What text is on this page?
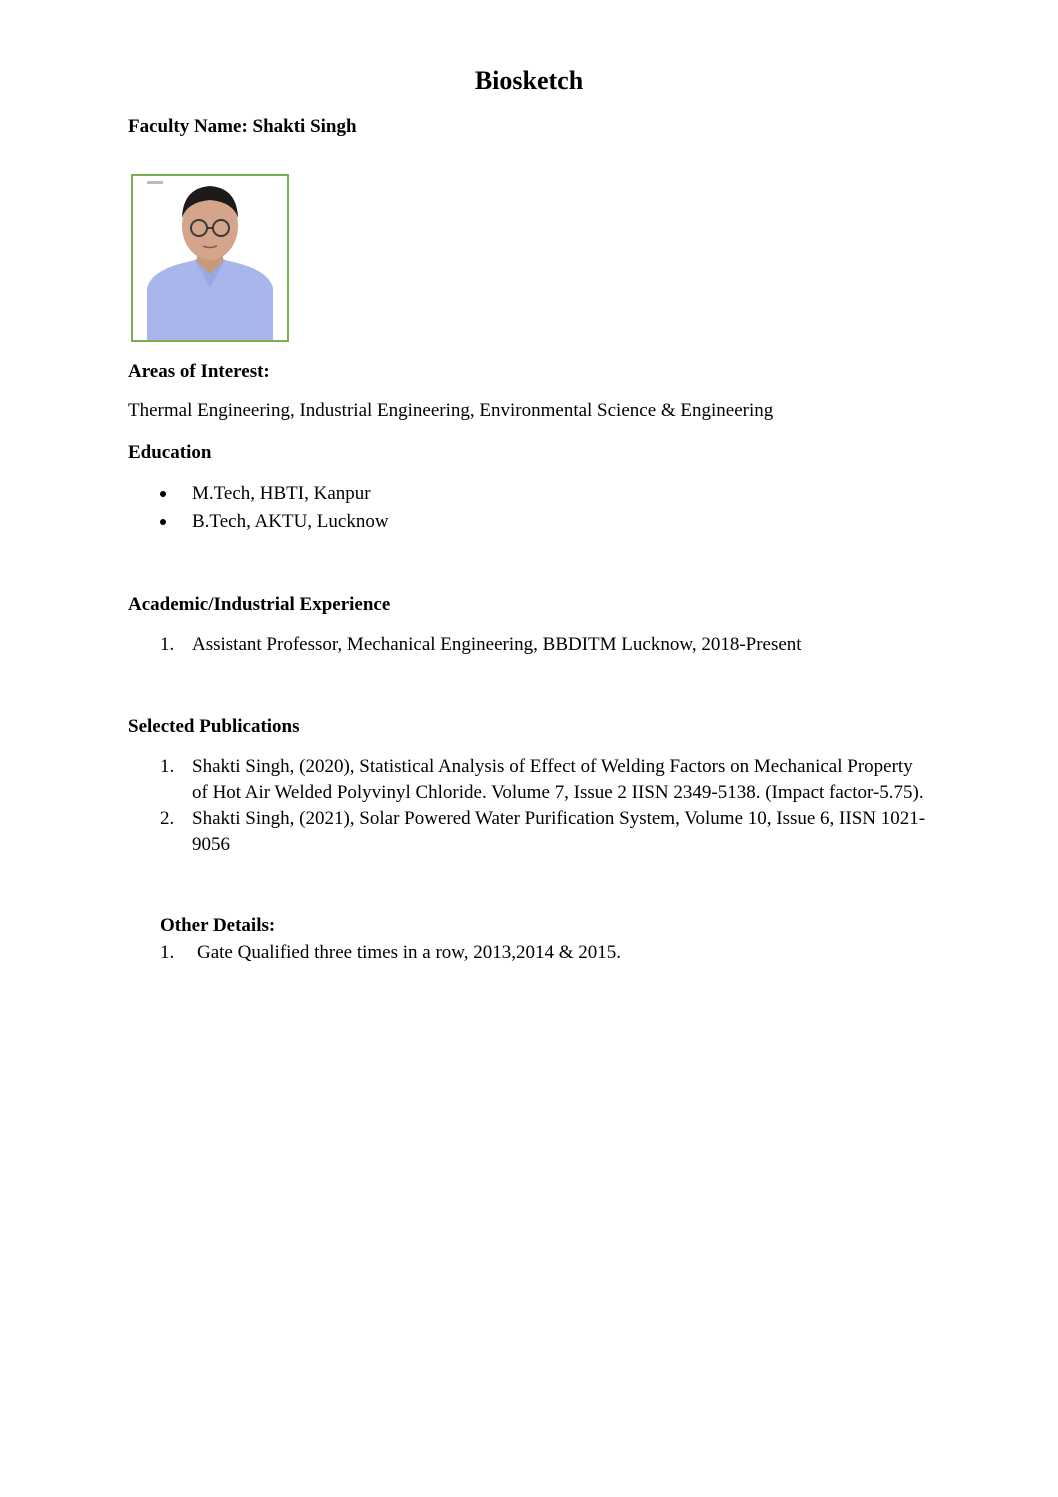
Biosketch
Faculty Name: Shakti Singh
Areas of Interest:
Thermal Engineering, Industrial Engineering, Environmental Science & Engineering
Education
M.Tech, HBTI, Kanpur
B.Tech, AKTU, Lucknow
Academic/Industrial Experience
1. Assistant Professor, Mechanical Engineering, BBDITM Lucknow, 2018-Present
Selected Publications
1. Shakti Singh, (2020), Statistical Analysis of Effect of Welding Factors on Mechanical Property of Hot Air Welded Polyvinyl Chloride. Volume 7, Issue 2 IISN 2349-5138. (Impact factor-5.75).
2. Shakti Singh, (2021), Solar Powered Water Purification System, Volume 10, Issue 6, IISN 1021-9056
Other Details:
1. Gate Qualified three times in a row, 2013,2014 & 2015.
